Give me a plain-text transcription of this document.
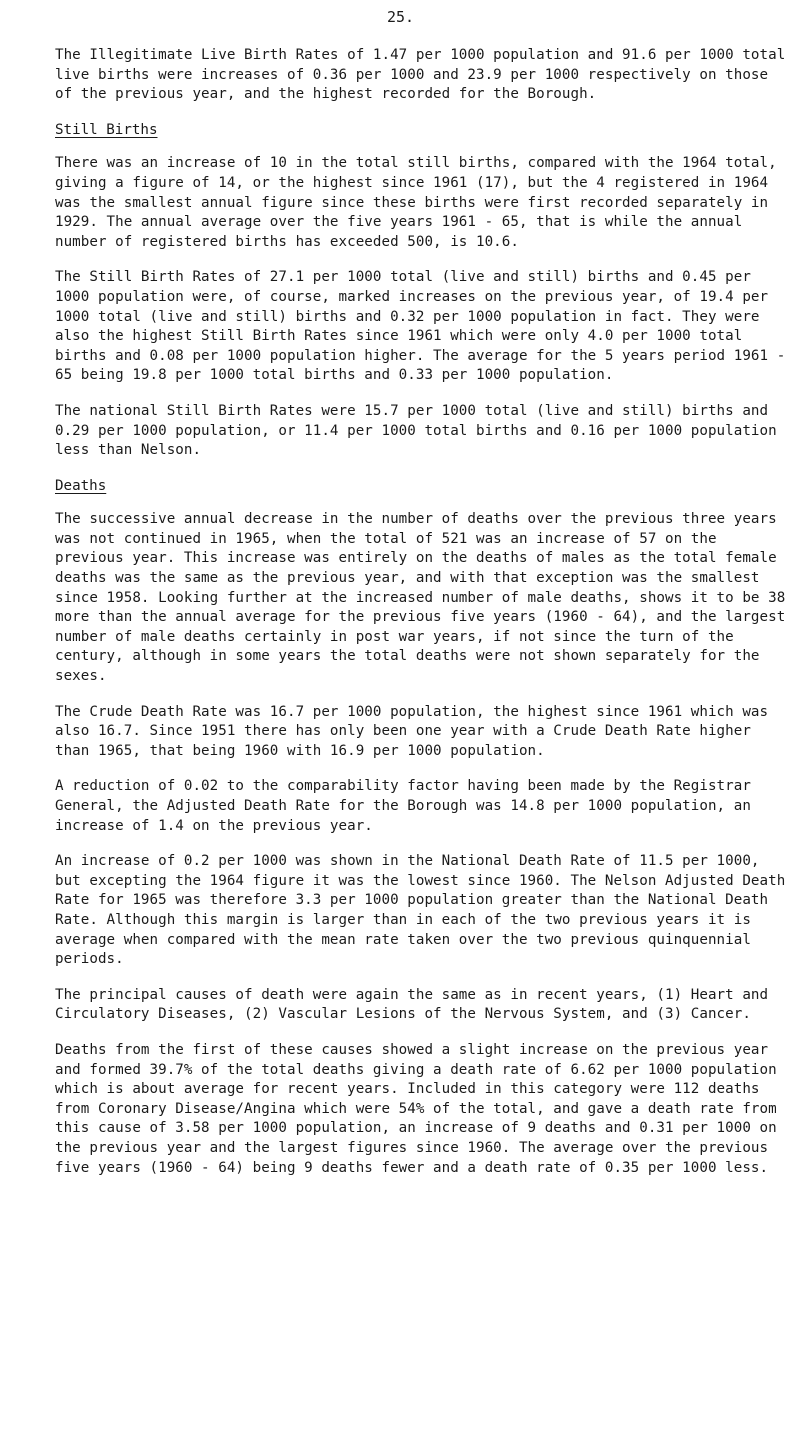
25.

The Illegitimate Live Birth Rates of 1.47 per 1000 population and 91.6 per 1000 total live births were increases of 0.36 per 1000 and 23.9 per 1000 respectively on those of the previous year, and the highest recorded for the Borough.

Still Births

There was an increase of 10 in the total still births, compared with the 1964 total, giving a figure of 14, or the highest since 1961 (17), but the 4 registered in 1964 was the smallest annual figure since these births were first recorded separately in 1929. The annual average over the five years 1961 - 65, that is while the annual number of registered births has exceeded 500, is 10.6.

The Still Birth Rates of 27.1 per 1000 total (live and still) births and 0.45 per 1000 population were, of course, marked increases on the previous year, of 19.4 per 1000 total (live and still) births and 0.32 per 1000 population in fact. They were also the highest Still Birth Rates since 1961 which were only 4.0 per 1000 total births and 0.08 per 1000 population higher. The average for the 5 years period 1961 - 65 being 19.8 per 1000 total births and 0.33 per 1000 population.

The national Still Birth Rates were 15.7 per 1000 total (live and still) births and 0.29 per 1000 population, or 11.4 per 1000 total births and 0.16 per 1000 population less than Nelson.

Deaths

The successive annual decrease in the number of deaths over the previous three years was not continued in 1965, when the total of 521 was an increase of 57 on the previous year. This increase was entirely on the deaths of males as the total female deaths was the same as the previous year, and with that exception was the smallest since 1958. Looking further at the increased number of male deaths, shows it to be 38 more than the annual average for the previous five years (1960 - 64), and the largest number of male deaths certainly in post war years, if not since the turn of the century, although in some years the total deaths were not shown separately for the sexes.

The Crude Death Rate was 16.7 per 1000 population, the highest since 1961 which was also 16.7. Since 1951 there has only been one year with a Crude Death Rate higher than 1965, that being 1960 with 16.9 per 1000 population.

A reduction of 0.02 to the comparability factor having been made by the Registrar General, the Adjusted Death Rate for the Borough was 14.8 per 1000 population, an increase of 1.4 on the previous year.

An increase of 0.2 per 1000 was shown in the National Death Rate of 11.5 per 1000, but excepting the 1964 figure it was the lowest since 1960. The Nelson Adjusted Death Rate for 1965 was therefore 3.3 per 1000 population greater than the National Death Rate. Although this margin is larger than in each of the two previous years it is average when compared with the mean rate taken over the two previous quinquennial periods.

The principal causes of death were again the same as in recent years, (1) Heart and Circulatory Diseases, (2) Vascular Lesions of the Nervous System, and (3) Cancer.

Deaths from the first of these causes showed a slight increase on the previous year and formed 39.7% of the total deaths giving a death rate of 6.62 per 1000 population which is about average for recent years. Included in this category were 112 deaths from Coronary Disease/Angina which were 54% of the total, and gave a death rate from this cause of 3.58 per 1000 population, an increase of 9 deaths and 0.31 per 1000 on the previous year and the largest figures since 1960. The average over the previous five years (1960 - 64) being 9 deaths fewer and a death rate of 0.35 per 1000 less.
